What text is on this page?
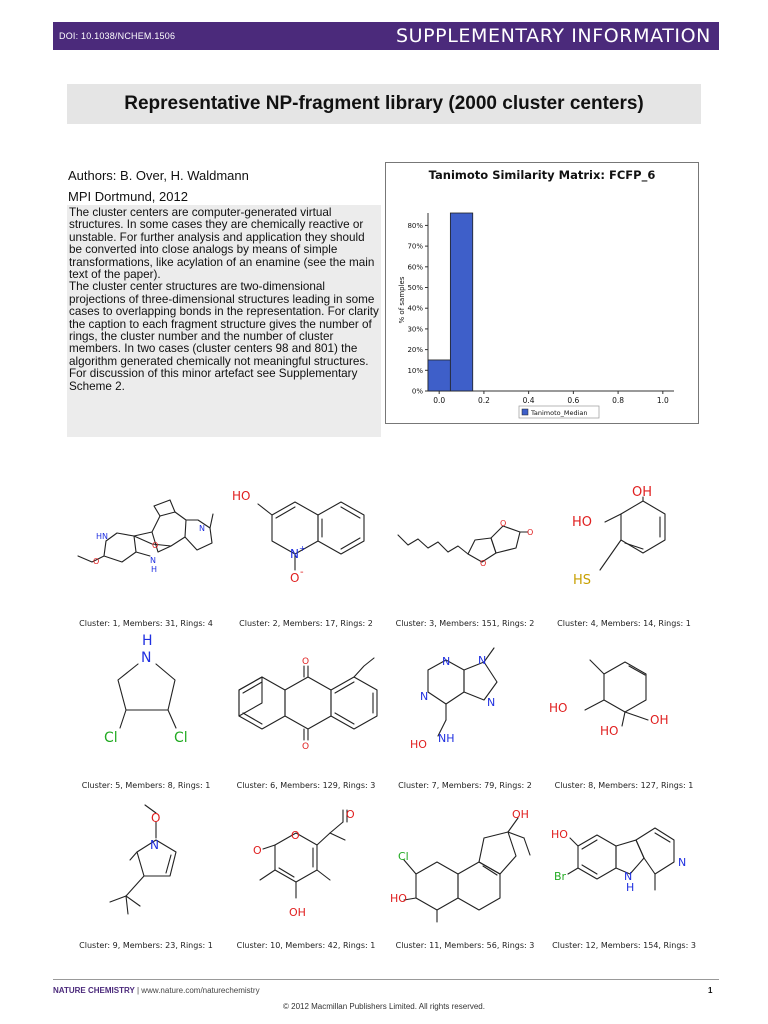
DOI: 10.1038/NCHEM.1506	SUPPLEMENTARY INFORMATION
Representative NP-fragment library (2000 cluster centers)
Authors: B. Over, H. Waldmann
MPI Dortmund, 2012

The cluster centers are computer-generated virtual structures. In some cases they are chemically reactive or unstable. For further analysis and application they should be converted into close analogs by means of simple transformations, like acylation of an enamine (see the main text of the paper).

The cluster center structures are two-dimensional projections of three-dimensional structures leading in some cases to overlapping bonds in the representation. For clarity the caption to each fragment structure gives the number of rings, the cluster number and the number of cluster members. In two cases (cluster centers 98 and 801) the algorithm generated chemically not meaningful structures. For discussion of this minor artefact see Supplementary Scheme 2.

Tanimoto Similarity Matrix: FCFP_6
% of samples
0%
10%
20%
30%
40%
50%
60%
70%
80%
0.0	0.2	0.4	0.6	0.8	1.0
Tanimoto_Median
HN
O
O
N
H
N
HO
N +
O -
O
O
O
OH
HO
HS
H
N
Cl	Cl
O
O
N	N
N	N
NH
HO
HO
HO
OH
O
N
O
O
O
OH
OH
Cl
HO
HO
Br	N
H
N
Cluster: 1, Members: 31, Rings: 4	Cluster: 2, Members: 17, Rings: 2	Cluster: 3, Members: 151, Rings: 2	Cluster: 4, Members: 14, Rings: 1
Cluster: 5, Members: 8, Rings: 1	Cluster: 6, Members: 129, Rings: 3	Cluster: 7, Members: 79, Rings: 2	Cluster: 8, Members: 127, Rings: 1
Cluster: 9, Members: 23, Rings: 1	Cluster: 10, Members: 42, Rings: 1	Cluster: 11, Members: 56, Rings: 3	Cluster: 12, Members: 154, Rings: 3
NATURE CHEMISTRY | www.nature.com/naturechemistry	1
© 2012 Macmillan Publishers Limited. All rights reserved.
